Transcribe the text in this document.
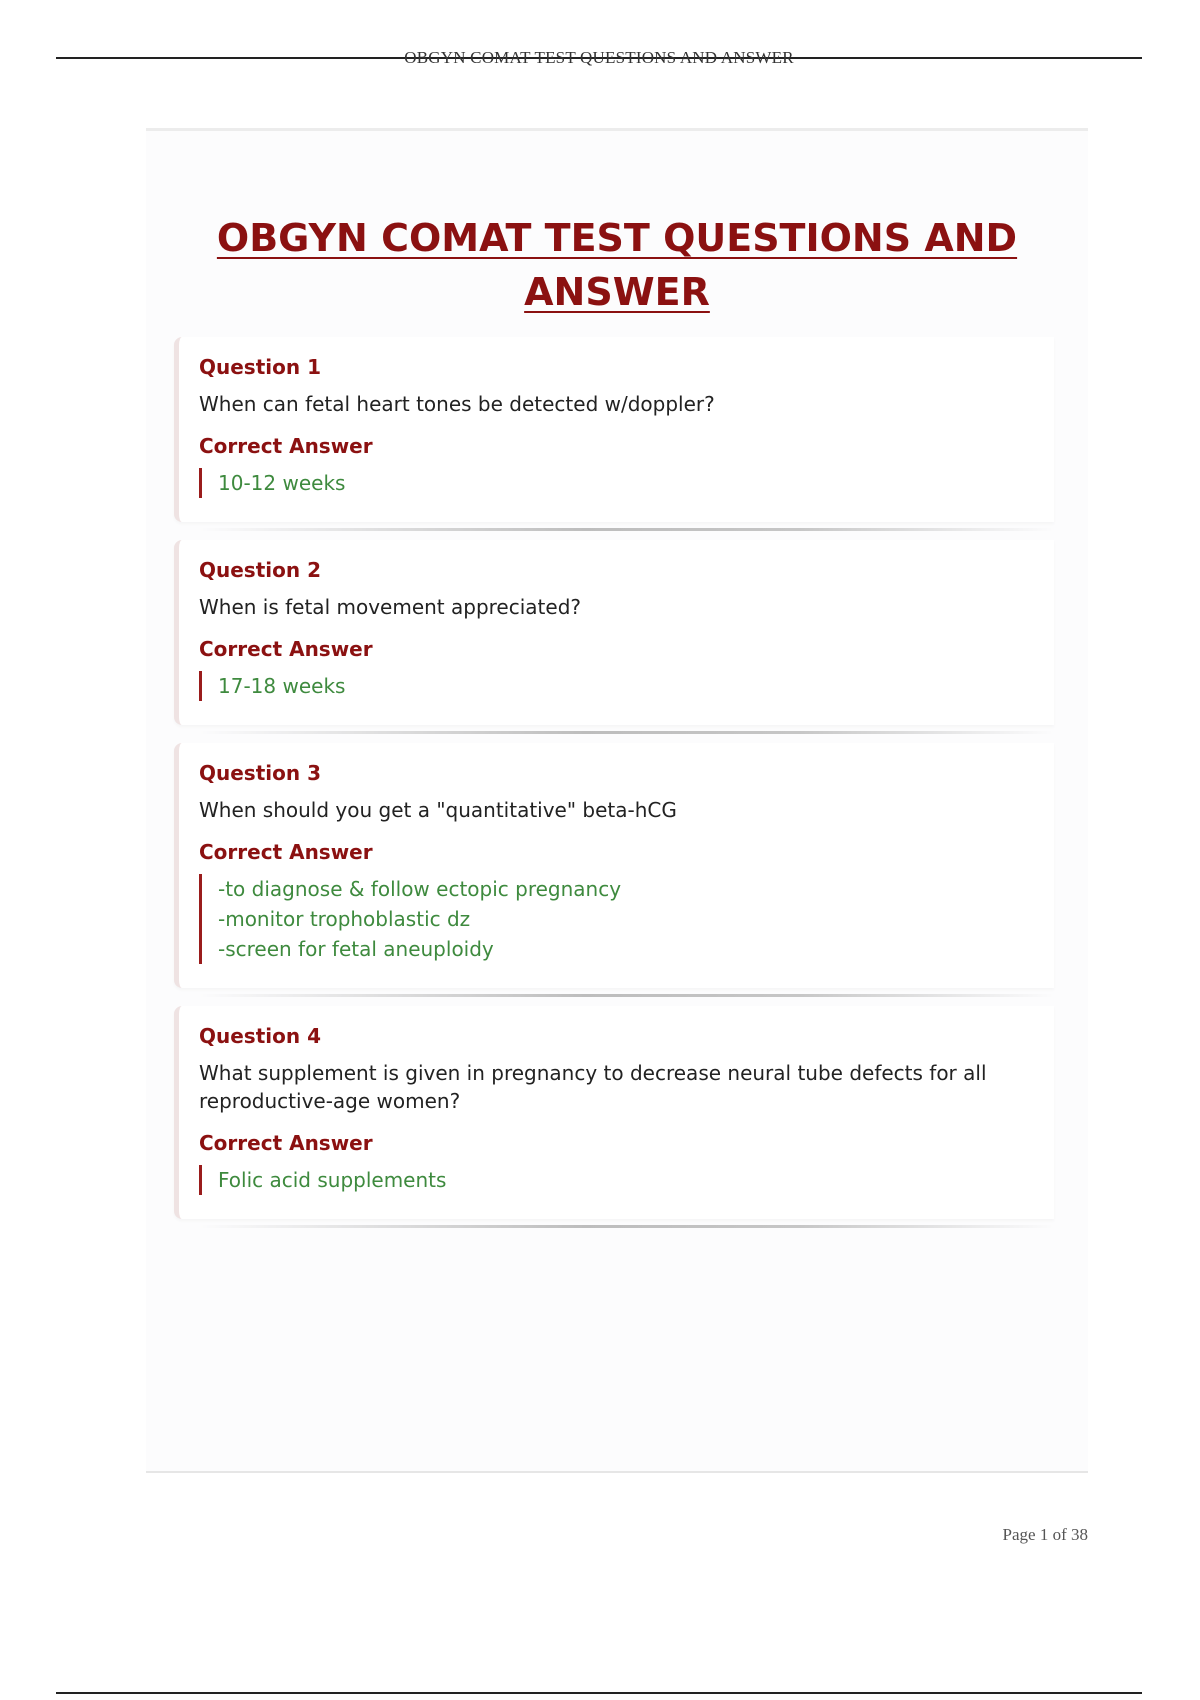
OBGYN COMAT TEST QUESTIONS AND ANSWER
OBGYN COMAT TEST QUESTIONS AND ANSWER
Question 1
When can fetal heart tones be detected w/doppler?
Correct Answer
10-12 weeks
Question 2
When is fetal movement appreciated?
Correct Answer
17-18 weeks
Question 3
When should you get a "quantitative" beta-hCG
Correct Answer
-to diagnose & follow ectopic pregnancy
-monitor trophoblastic dz
-screen for fetal aneuploidy
Question 4
What supplement is given in pregnancy to decrease neural tube defects for all reproductive-age women?
Correct Answer
Folic acid supplements
Page 1 of 38
